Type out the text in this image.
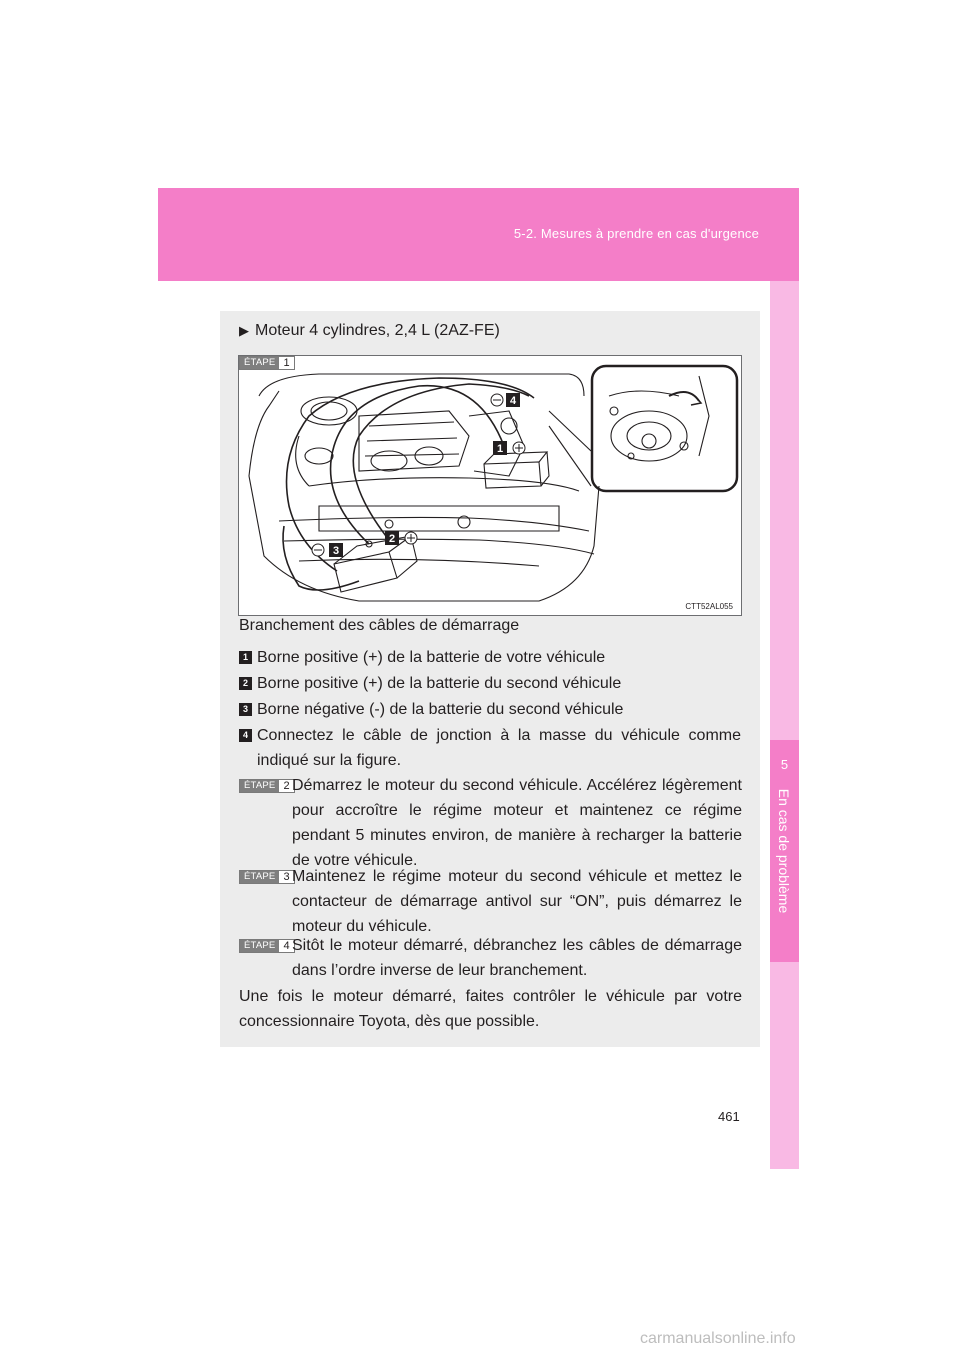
5-2. Mesures à prendre en cas d'urgence
5
En cas de problème
▶ Moteur 4 cylindres, 2,4 L (2AZ-FE)
4
1
2
3
ÉTAPE 1
CTT52AL055
Branchement des câbles de démarrage
1 Borne positive (+) de la batterie de votre véhicule
2 Borne positive (+) de la batterie du second véhicule
3 Borne négative (-) de la batterie du second véhicule
4 Connectez le câble de jonction à la masse du véhicule comme indiqué sur la figure.
ÉTAPE 2 Démarrez le moteur du second véhicule. Accélérez légèrement pour accroître le régime moteur et maintenez ce régime pendant 5 minutes environ, de manière à recharger la batterie de votre véhicule.
ÉTAPE 3 Maintenez le régime moteur du second véhicule et mettez le contacteur de démarrage antivol sur “ON”, puis démarrez le moteur du véhicule.
ÉTAPE 4 Sitôt le moteur démarré, débranchez les câbles de démarrage dans l’ordre inverse de leur branchement.
Une fois le moteur démarré, faites contrôler le véhicule par votre concessionnaire Toyota, dès que possible.
461
carmanualsonline.info
